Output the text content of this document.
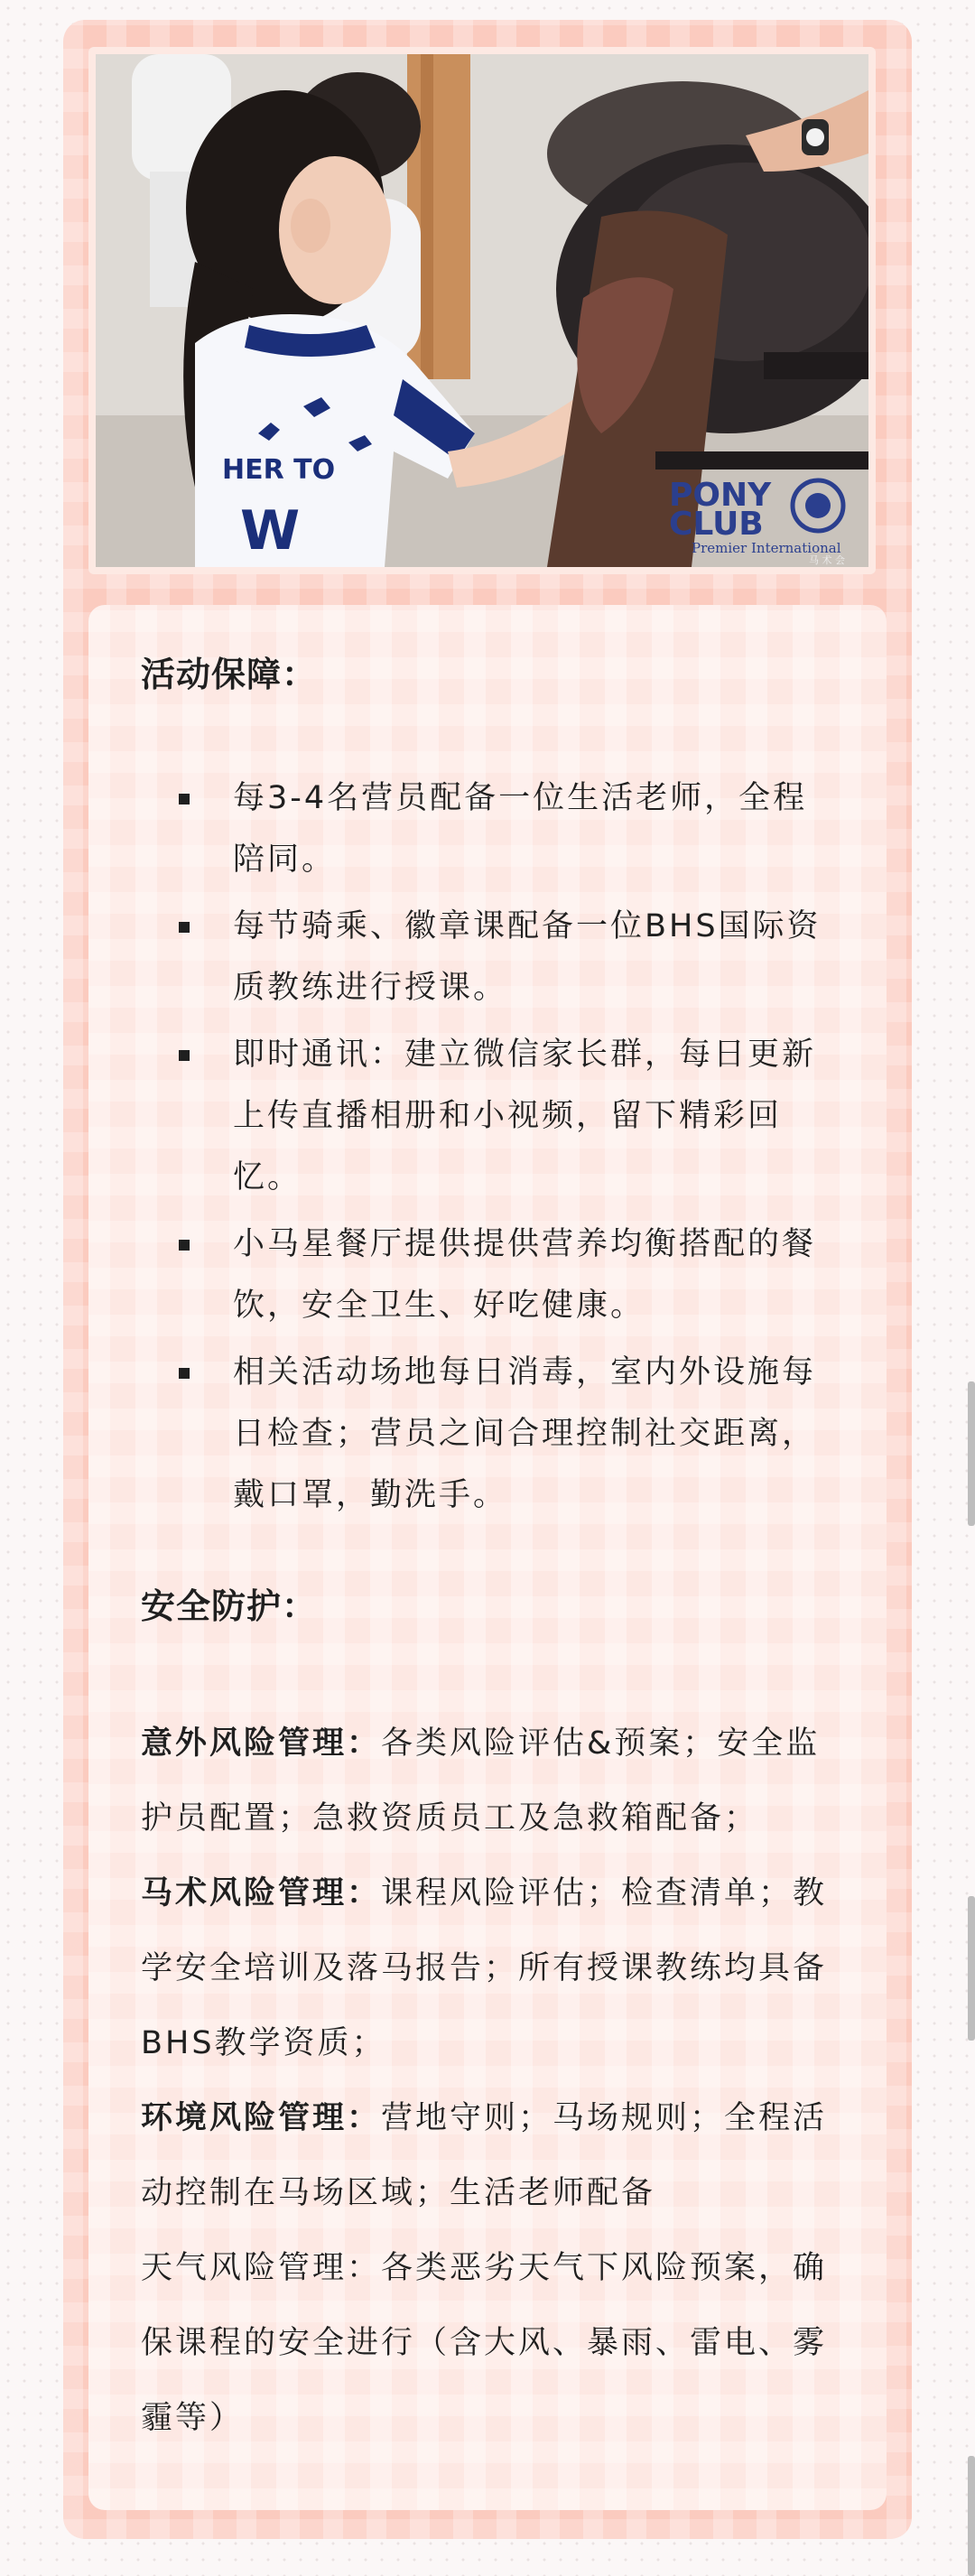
HER TO
W
PONY
CLUB
Premier International
马 术 会
活动保障：
每3-4名营员配备一位生活老师，全程陪同。
每节骑乘、徽章课配备一位BHS国际资质教练进行授课。
即时通讯：建立微信家长群，每日更新上传直播相册和小视频，留下精彩回忆。
小马星餐厅提供提供营养均衡搭配的餐饮，安全卫生、好吃健康。
相关活动场地每日消毒，室内外设施每日检查；营员之间合理控制社交距离，戴口罩，勤洗手。
安全防护：

意外风险管理：各类风险评估&预案；安全监护员配置；急救资质员工及急救箱配备；

马术风险管理：课程风险评估；检查清单；教学安全培训及落马报告；所有授课教练均具备BHS教学资质；

环境风险管理：营地守则；马场规则；全程活动控制在马场区域；生活老师配备

天气风险管理：各类恶劣天气下风险预案，确保课程的安全进行（含大风、暴雨、雷电、雾霾等）
